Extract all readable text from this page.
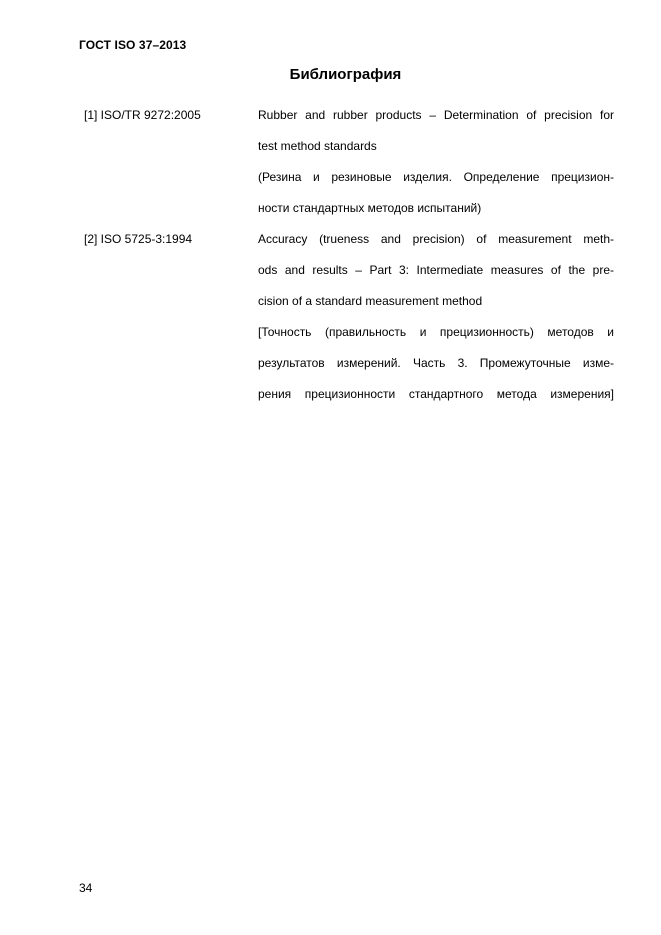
ГОСТ ISO 37–2013
Библиография
[1] ISO/TR 9272:2005	Rubber and rubber products – Determination of precision for
test method standards
(Резина и резиновые изделия. Определение прецизион-
ности стандартных методов испытаний)
[2] ISO 5725-3:1994	Accuracy (trueness and precision) of measurement meth-
ods and results – Part 3: Intermediate measures of the pre-
cision of a standard measurement method
[Точность (правильность и прецизионность) методов и
результатов измерений. Часть 3. Промежуточные изме-
рения прецизионности стандартного метода измерения]
34
